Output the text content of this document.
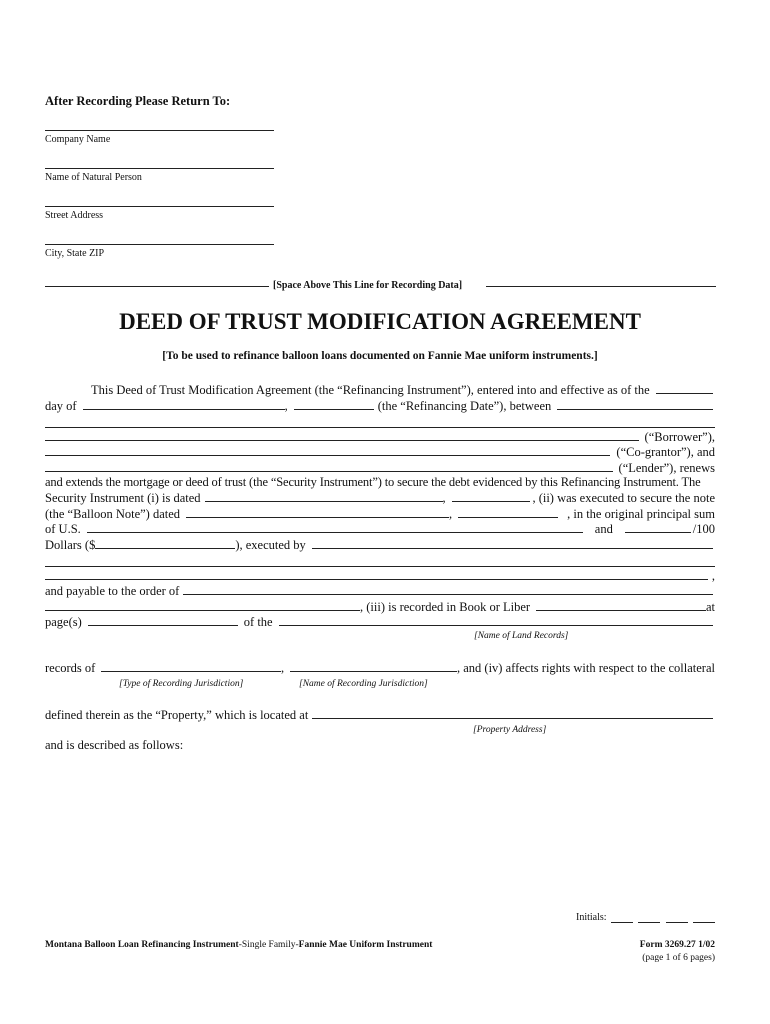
After Recording Please Return To:
Company Name
Name of Natural Person
Street Address
City, State ZIP
[Space Above This Line for Recording Data]
DEED OF TRUST MODIFICATION AGREEMENT
[To be used to refinance balloon loans documented on Fannie Mae uniform instruments.]
This Deed of Trust Modification Agreement (the “Refinancing Instrument”), entered into and effective as of the
day of	,	(the “Refinancing Date”), between
(“Borrower”),
(“Co-grantor”), and
(“Lender”), renews
and extends the mortgage or deed of trust (the “Security Instrument”) to secure the debt evidenced by this Refinancing Instrument. The
Security Instrument (i) is dated	,	, (ii) was executed to secure the note
(the “Balloon Note”) dated	,	, in the original principal sum
of U.S.	and	/100
Dollars ($	), executed by
,
and payable to the order of
, (iii) is recorded in Book or Liber	at
page(s)	of the
[Name of Land Records]
records of	,	, and (iv) affects rights with respect to the collateral
[Type of Recording Jurisdiction]	[Name of Recording Jurisdiction]
defined therein as the “Property,” which is located at
[Property Address]
and is described as follows:
Initials:
Montana Balloon Loan Refinancing Instrument-Single Family-Fannie Mae Uniform Instrument	Form 3269.27 1/02
(page 1 of 6 pages)
